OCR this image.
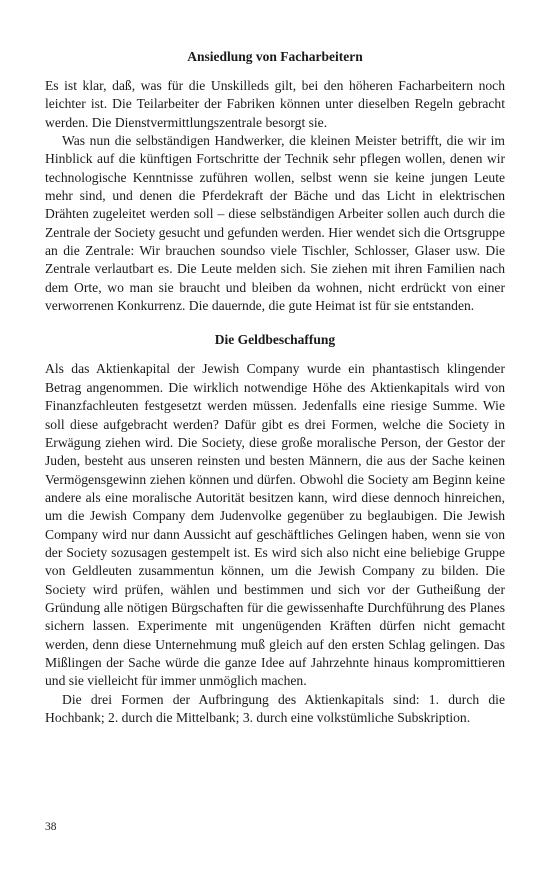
Ansiedlung von Facharbeitern

Es ist klar, daß, was für die Unskilleds gilt, bei den höheren Facharbeitern noch leichter ist. Die Teilarbeiter der Fabriken können unter dieselben Regeln gebracht werden. Die Dienstvermittlungszentrale besorgt sie.

Was nun die selbständigen Handwerker, die kleinen Meister betrifft, die wir im Hinblick auf die künftigen Fortschritte der Technik sehr pflegen wollen, denen wir technologische Kenntnisse zuführen wollen, selbst wenn sie keine jungen Leute mehr sind, und denen die Pferdekraft der Bäche und das Licht in elektrischen Drähten zugeleitet werden soll – diese selbständigen Arbeiter sollen auch durch die Zentrale der Society gesucht und gefunden werden. Hier wendet sich die Ortsgruppe an die Zentrale: Wir brauchen soundso viele Tischler, Schlosser, Glaser usw. Die Zentrale verlautbart es. Die Leute melden sich. Sie ziehen mit ihren Familien nach dem Orte, wo man sie braucht und bleiben da wohnen, nicht erdrückt von einer verworrenen Konkurrenz. Die dauernde, die gute Heimat ist für sie entstanden.

Die Geldbeschaffung

Als das Aktienkapital der Jewish Company wurde ein phantastisch klingender Betrag angenommen. Die wirklich notwendige Höhe des Aktienkapitals wird von Finanzfachleuten festgesetzt werden müssen. Jedenfalls eine riesige Summe. Wie soll diese aufgebracht werden? Dafür gibt es drei Formen, welche die Society in Erwägung ziehen wird. Die Society, diese große moralische Person, der Gestor der Juden, besteht aus unseren reinsten und besten Männern, die aus der Sache keinen Vermögensgewinn ziehen können und dürfen. Obwohl die Society am Beginn keine andere als eine moralische Autorität besitzen kann, wird diese dennoch hinreichen, um die Jewish Company dem Judenvolke gegenüber zu beglaubigen. Die Jewish Company wird nur dann Aussicht auf geschäftliches Gelingen haben, wenn sie von der Society sozusagen gestempelt ist. Es wird sich also nicht eine beliebige Gruppe von Geldleuten zusammentun können, um die Jewish Company zu bilden. Die Society wird prüfen, wählen und bestimmen und sich vor der Gutheißung der Gründung alle nötigen Bürgschaften für die gewissenhafte Durchführung des Planes sichern lassen. Experimente mit ungenügenden Kräften dürfen nicht gemacht werden, denn diese Unternehmung muß gleich auf den ersten Schlag gelingen. Das Mißlingen der Sache würde die ganze Idee auf Jahrzehnte hinaus kompromittieren und sie vielleicht für immer unmöglich machen.

Die drei Formen der Aufbringung des Aktienkapitals sind: 1. durch die Hochbank; 2. durch die Mittelbank; 3. durch eine volkstümliche Subskription.

38
